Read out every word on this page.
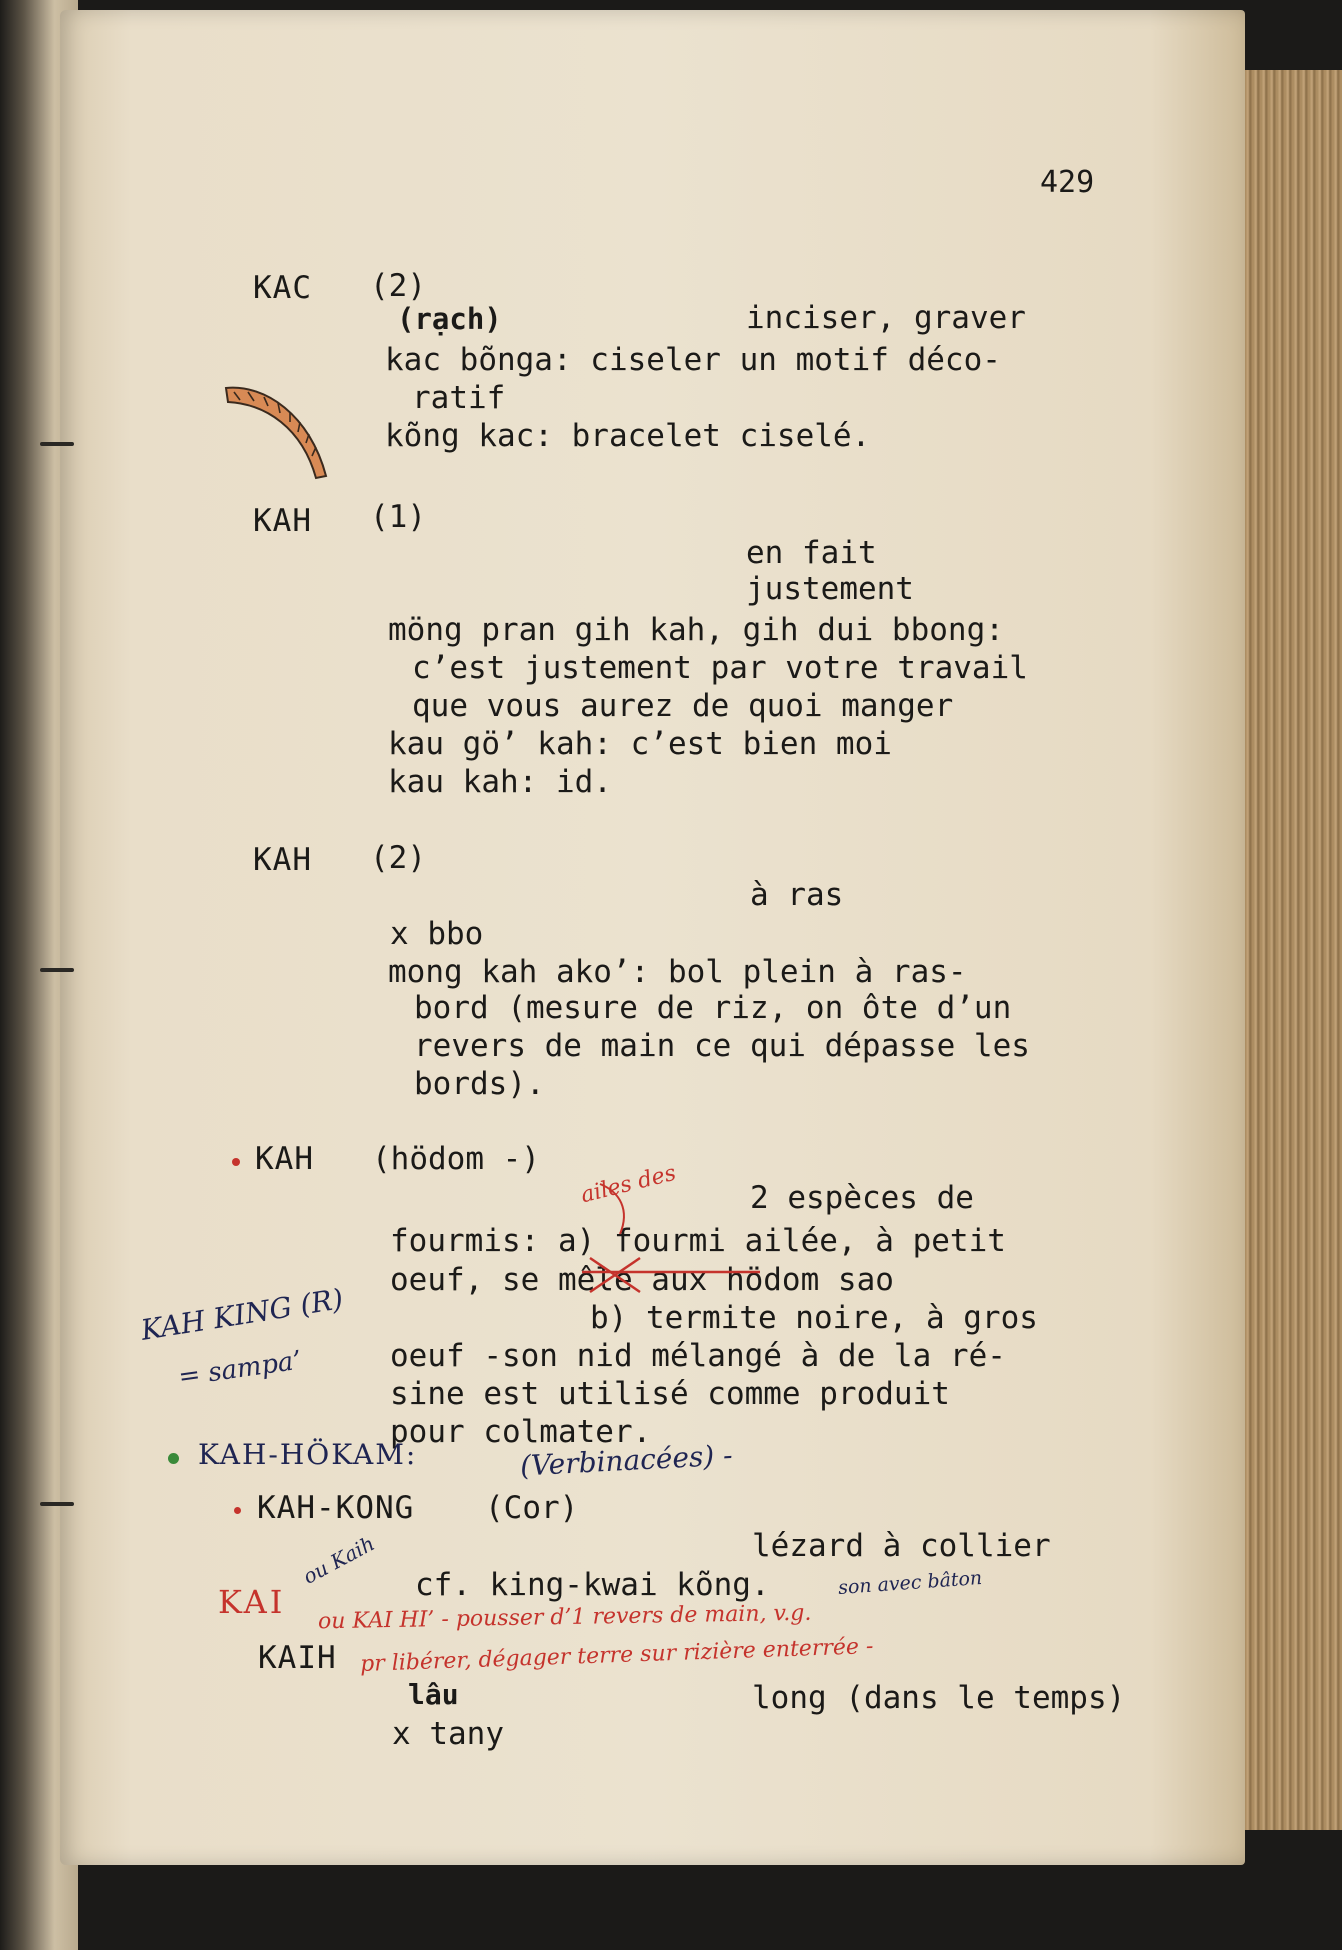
429
KAC (2)
(rạch)	inciser, graver
kac bõnga: ciseler un motif déco-
ratif
kõng kac: bracelet ciselé.
KAH (1)
en fait
justement
möng pran gih kah, gih dui bbong:
c’est justement par votre travail
que vous aurez de quoi manger
kau gö’ kah: c’est bien moi
kau kah: id.
KAH (2)
à ras
x bbo
mong kah ako’: bol plein à ras-
bord (mesure de riz, on ôte d’un
revers de main ce qui dépasse les
bords).
KAH (hödom -)
2 espèces de
fourmis: a) fourmi ailée, à petit
oeuf, se mêle aux hödom sao
b) termite noire, à gros
oeuf -son nid mélangé à de la ré-
sine est utilisé comme produit
pour colmater.
ailes des
KAH KING (R)
= sampa’
KAH-HÖKAM:	(Verbinacées) -
KAH-KONG (Cor)
lézard à collier
cf. king-kwai kõng.
ou Kaih	son avec bâton
KAI ou KAI HI’ - pousser d’1 revers de main, v.g.
pr libérer, dégager terre sur rizière enterrée -
KAIH
lâu	long (dans le temps)
x tany
